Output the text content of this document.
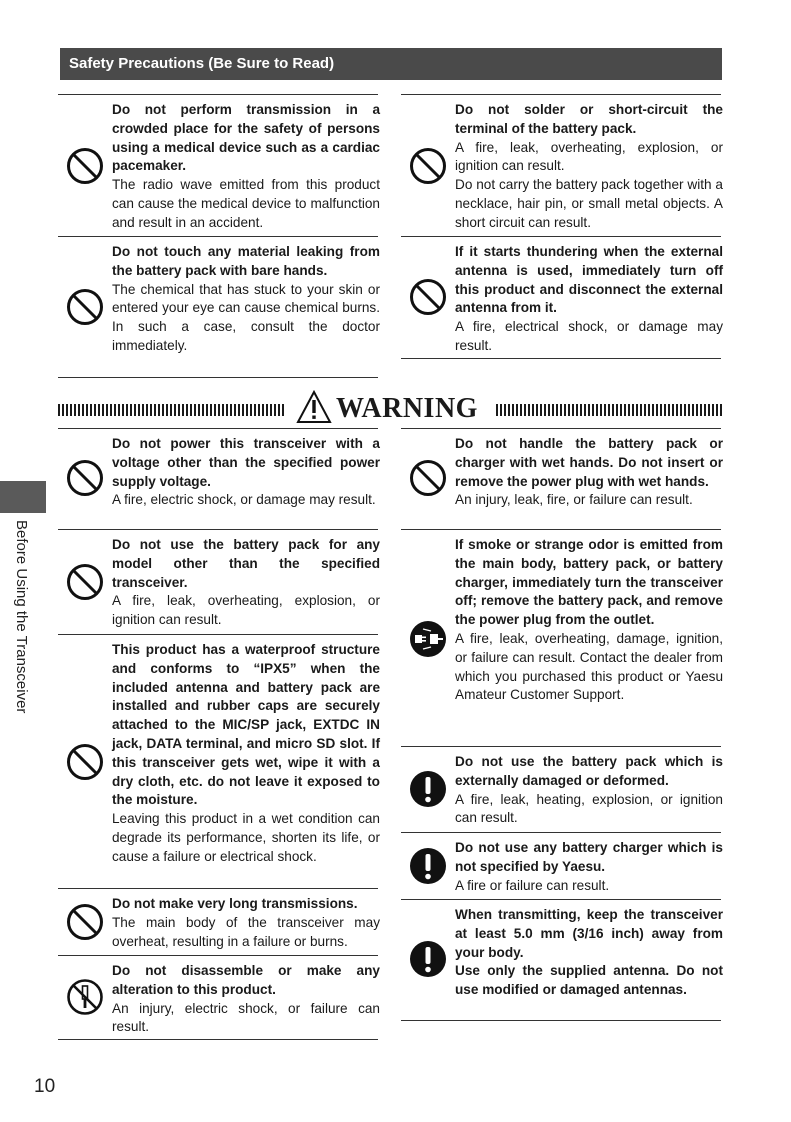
Safety Precautions (Be Sure to Read)
Do not perform transmission in a crowded place for the safety of persons using a medical device such as a cardiac pacemaker.
The radio wave emitted from this product can cause the medical device to malfunction and result in an accident.
Do not touch any material leaking from the battery pack with bare hands.
The chemical that has stuck to your skin or entered your eye can cause chemical burns. In such a case, consult the doctor immediately.
Do not solder or short-circuit the terminal of the battery pack.
A fire, leak, overheating, explosion, or ignition can result.
Do not carry the battery pack together with a necklace, hair pin, or small metal objects. A short circuit can result.
If it starts thundering when the external antenna is used, immediately turn off this product and disconnect the external antenna from it.
A fire, electrical shock, or damage may result.
WARNING
Do not power this transceiver with a voltage other than the specified power supply voltage.
A fire, electric shock, or damage may result.
Do not use the battery pack for any model other than the specified transceiver.
A fire, leak, overheating, explosion, or ignition can result.
This product has a waterproof structure and conforms to “IPX5” when the included antenna and battery pack are installed and rubber caps are securely attached to the MIC/SP jack, EXTDC IN jack, DATA terminal, and micro SD slot. If this transceiver gets wet, wipe it with a dry cloth, etc. do not leave it exposed to the moisture.
Leaving this product in a wet condition can degrade its performance, shorten its life, or cause a failure or electrical shock.
Do not make very long transmissions.
The main body of the transceiver may overheat, resulting in a failure or burns.
Do not disassemble or make any alteration to this product.
An injury, electric shock, or failure can result.
Do not handle the battery pack or charger with wet hands. Do not insert or remove the power plug with wet hands.
An injury, leak, fire, or failure can result.
If smoke or strange odor is emitted from the main body, battery pack, or battery charger, immediately turn the transceiver off; remove the battery pack, and remove the power plug from the outlet.
A fire, leak, overheating, damage, ignition, or failure can result. Contact the dealer from which you purchased this product or Yaesu Amateur Customer Support.
Do not use the battery pack which is externally damaged or deformed.
A fire, leak, heating, explosion, or ignition can result.
Do not use any battery charger which is not specified by Yaesu.
A fire or failure can result.
When transmitting, keep the transceiver at least 5.0 mm (3/16 inch) away from your body.
Use only the supplied antenna. Do not use modified or damaged antennas.
Before Using the Transceiver
10
